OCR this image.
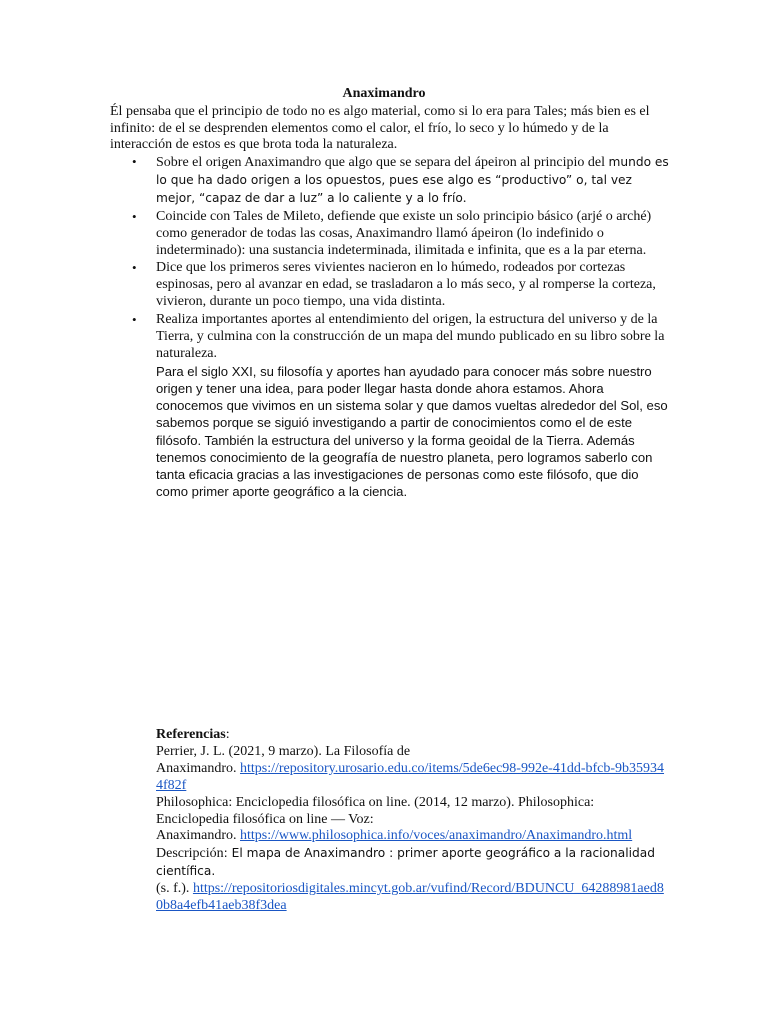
Anaximandro

Él pensaba que el principio de todo no es algo material, como si lo era para Tales; más bien es el infinito: de el se desprenden elementos como el calor, el frío, lo seco y lo húmedo y de la interacción de estos es que brota toda la naturaleza.

• Sobre el origen Anaximandro que algo que se separa del ápeiron al principio del mundo es lo que ha dado origen a los opuestos, pues ese algo es “productivo” o, tal vez mejor, “capaz de dar a luz” a lo caliente y a lo frío.
• Coincide con Tales de Mileto, defiende que existe un solo principio básico (arjé o arché) como generador de todas las cosas, Anaximandro llamó ápeiron (lo indefinido o indeterminado): una sustancia indeterminada, ilimitada e infinita, que es a la par eterna.
• Dice que los primeros seres vivientes nacieron en lo húmedo, rodeados por cortezas espinosas, pero al avanzar en edad, se trasladaron a lo más seco, y al romperse la corteza, vivieron, durante un poco tiempo, una vida distinta.
• Realiza importantes aportes al entendimiento del origen, la estructura del universo y de la Tierra, y culmina con la construcción de un mapa del mundo publicado en su libro sobre la naturaleza.
Para el siglo XXI, su filosofía y aportes han ayudado para conocer más sobre nuestro origen y tener una idea, para poder llegar hasta donde ahora estamos. Ahora conocemos que vivimos en un sistema solar y que damos vueltas alrededor del Sol, eso sabemos porque se siguió investigando a partir de conocimientos como el de este filósofo. También la estructura del universo y la forma geoidal de la Tierra. Además tenemos conocimiento de la geografía de nuestro planeta, pero logramos saberlo con tanta eficacia gracias a las investigaciones de personas como este filósofo, que dio como primer aporte geográfico a la ciencia.
Referencias:
Perrier, J. L. (2021, 9 marzo). La Filosofía de
Anaximandro. https://repository.urosario.edu.co/items/5de6ec98-992e-41dd-bfcb-9b359344f82f
Philosophica: Enciclopedia filosófica on line. (2014, 12 marzo). Philosophica: Enciclopedia filosófica on line — Voz:
Anaximandro. https://www.philosophica.info/voces/anaximandro/Anaximandro.html
Descripción: El mapa de Anaximandro : primer aporte geográfico a la racionalidad científica.
(s. f.). https://repositoriosdigitales.mincyt.gob.ar/vufind/Record/BDUNCU_64288981aed80b8a4efb41aeb38f3dea
